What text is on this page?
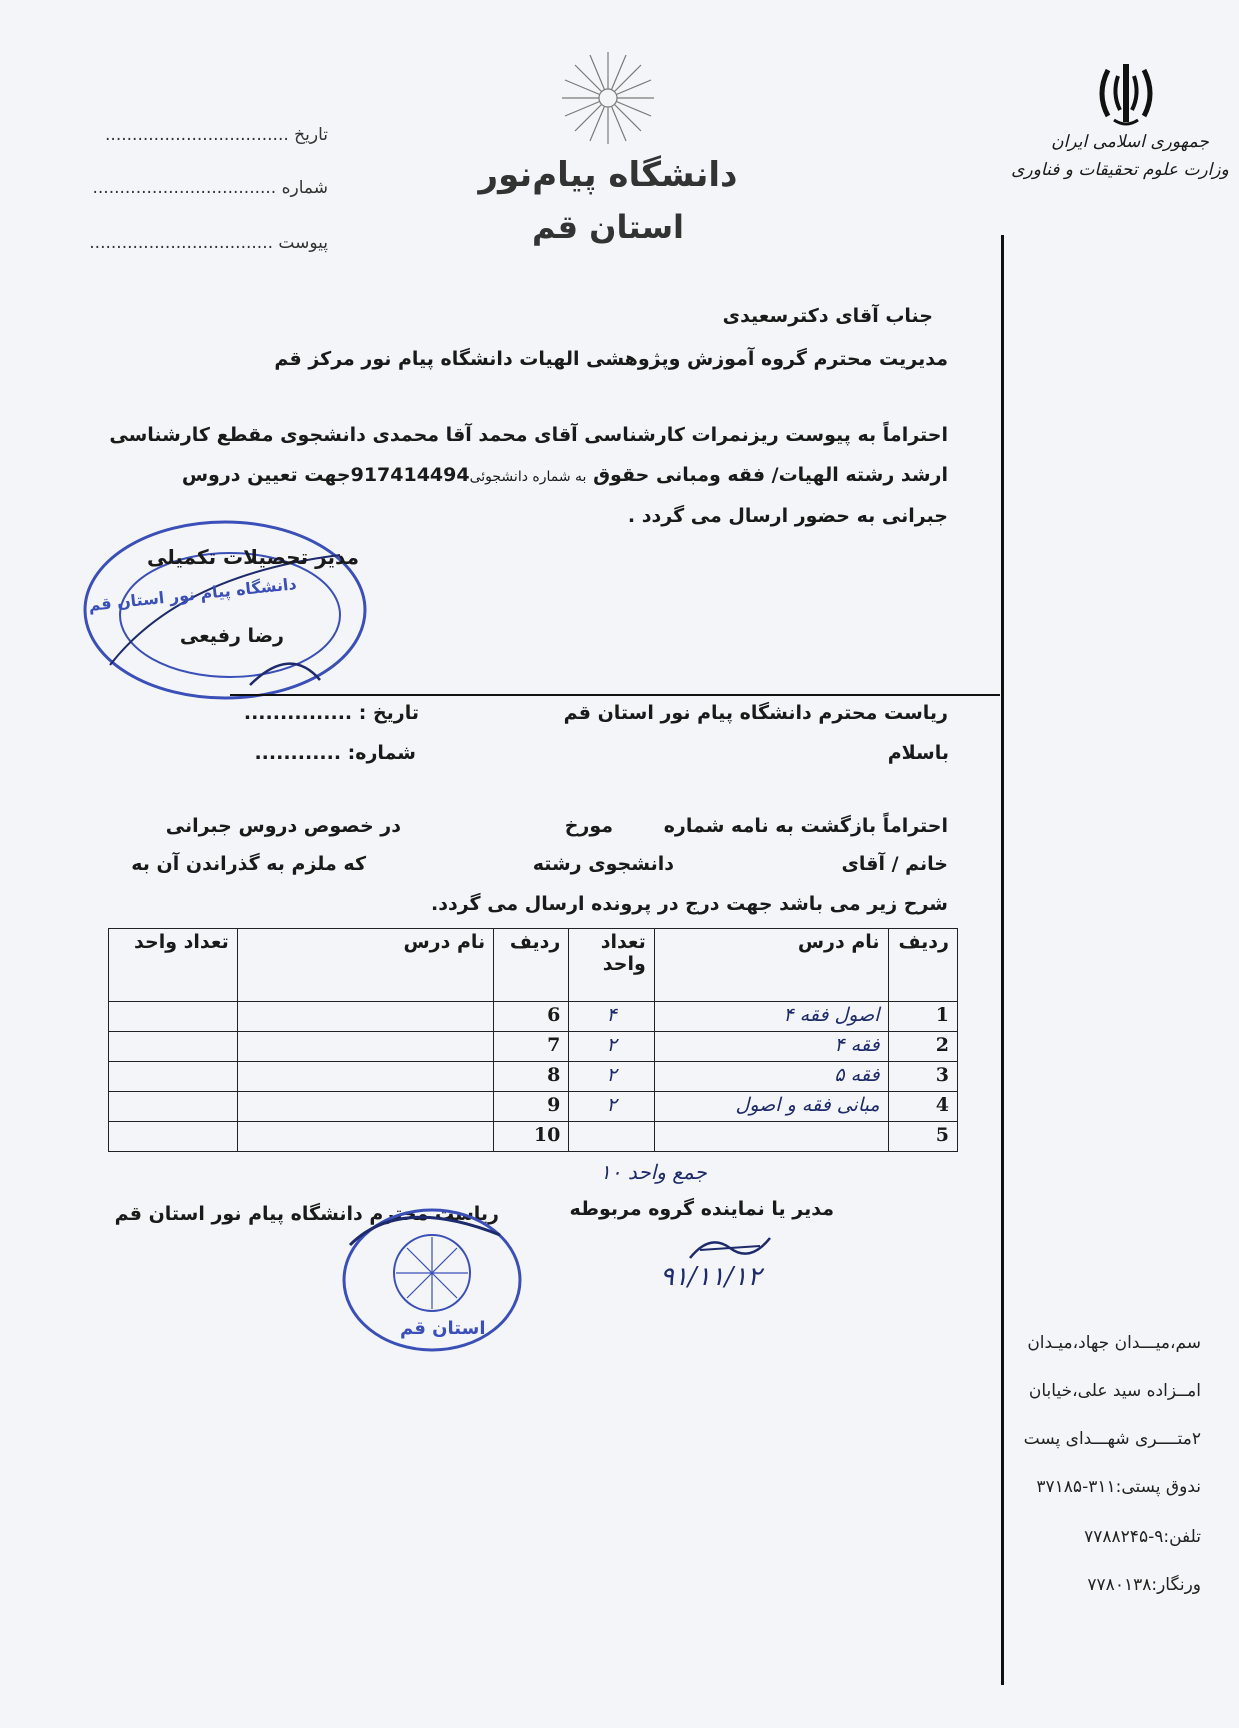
تاریخ ..................................
شماره ..................................
پیوست ..................................
دانشگاه پیام‌نور
استان قم
جمهوری اسلامی ایران
وزارت علوم تحقیقات و فناوری
جناب آقای دکترسعیدی
مدیریت محترم گروه آموزش وپژوهشی الهیات دانشگاه پیام نور مرکز قم
احتراماً به پیوست ریزنمرات کارشناسی آقای محمد آقا محمدی دانشجوی مقطع کارشناسی
ارشد رشته الهیات/ فقه ومبانی حقوق به شماره دانشجوئی917414494جهت تعیین دروس
جبرانی به حضور ارسال می گردد .
مدیر تحصیلات تکمیلی
دانشگاه پیام نور استان قم
رضا رفیعی
ریاست محترم دانشگاه پیام نور استان قم
باسلام
تاریخ : ...............
شماره: ............
احتراماً بازگشت به نامه شماره
مورخ
در خصوص دروس جبرانی
خانم / آقای
دانشجوی رشته
که ملزم به گذراندن آن به
شرح زیر می باشد جهت درج در پرونده ارسال می گردد.
ردیف	نام درس	تعداد واحد	ردیف	نام درس	تعداد واحد
1	اصول فقه ۴	۴	6		
2	فقه ۴	۲	7		
3	فقه ۵	۲	8		
4	مبانی فقه و اصول	۲	9		
5			10		
جمع واحد ۱۰
مدیر یا نماینده گروه مربوطه
۹۱/۱۱/۱۲
ریاست محترم دانشگاه پیام نور استان قم
استان قم
سم،میـــدان جهاد،میـدان
امــزاده سید علی،خیابان
۲متــــری شهـــدای پست
ندوق پستی:۳۱۱-۳۷۱۸۵
تلفن:۹-۷۷۸۸۲۴۵
ورنگار:۷۷۸۰۱۳۸
